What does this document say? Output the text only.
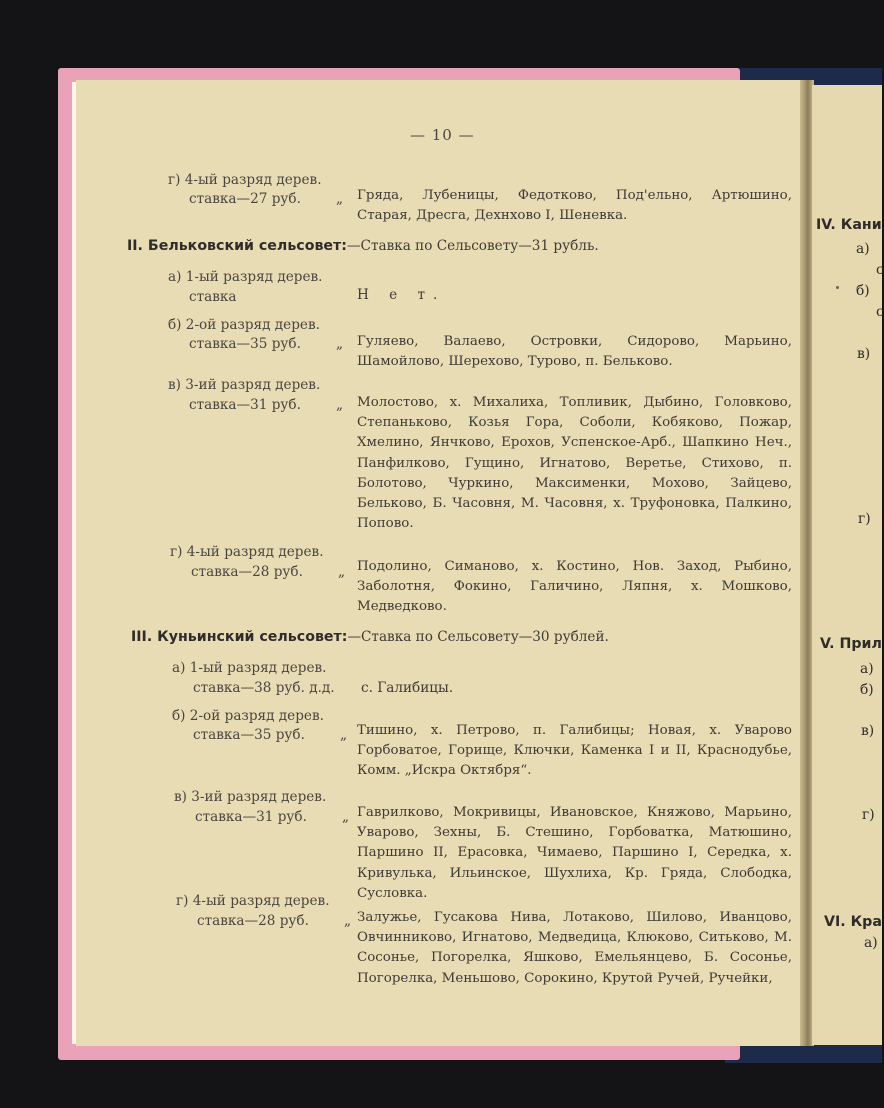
— 10 —
г) 4-ый разряд дерев.
ставка—27 руб.	„ Гряда, Лубеницы, Федотково, Под'ельно, Артюшино, Старая, Дресга, Дехнхово I, Шеневка.

II. Бельковский сельсовет:—Ставка по Сельсовету—31 рубль.
а) 1-ый разряд дерев.
ставка	Н е т.
б) 2-ой разряд дерев.
ставка—35 руб.	„ Гуляево, Валаево, Островки, Сидорово, Марьино, Шамойлово, Шерехово, Турово, п. Бельково.

в) 3-ий разряд дерев.
ставка—31 руб.	„ Молостово, х. Михалиха, Топливик, Дыбино, Головково, Степаньково, Козья Гора, Соболи, Кобяково, Пожар, Хмелино, Янчково, Ерохов, Успенское-Арб., Шапкино Неч., Панфилково, Гущино, Игнатово, Веретье, Стихово, п. Болотово, Чуркино, Максименки, Мохово, Зайцево, Бельково, Б. Часовня, М. Часовня, х. Труфоновка, Палкино, Попово.

г) 4-ый разряд дерев.
ставка—28 руб.	„ Подолино, Симаново, х. Костино, Нов. Заход, Рыбино, Заболотня, Фокино, Галичино, Ляпня, х. Мошково, Медведково.

III. Куньинский сельсовет:—Ставка по Сельсовету—30 рублей.
а) 1-ый разряд дерев.
ставка—38 руб. д.д. с. Галибицы.
б) 2-ой разряд дерев.
ставка—35 руб.	„ Тишино, х. Петрово, п. Галибицы; Новая, х. Уварово Горбоватое, Горище, Ключки, Каменка I и II, Краснодубье, Комм. „Искра Октября“.

в) 3-ий разряд дерев.
ставка—31 руб.	„ Гаврилково, Мокривицы, Ивановское, Княжово, Марьино, Уварово, Зехны, Б. Стешино, Горбоватка, Матюшино, Паршино II, Ерасовка, Чимаево, Паршино I, Середка, х. Кривулька, Ильинское, Шухлиха, Кр. Гряда, Слободка, Сусловка.

г) 4-ый разряд дерев.
ставка—28 руб.	„ Залужье, Гусакова Нива, Лотаково, Шилово, Иванцово, Овчинниково, Игнатово, Медведица, Клюково, Ситьково, М. Сосонье, Погорелка, Яшково, Емельянцево, Б. Сосонье, Погорелка, Меньшово, Сорокино, Крутой Ручей, Ручейки,

IV. Кани
а)
с
б)
с
в)
г)
V. Прил
а)
б)
в)
г)
VI. Кра
а)
